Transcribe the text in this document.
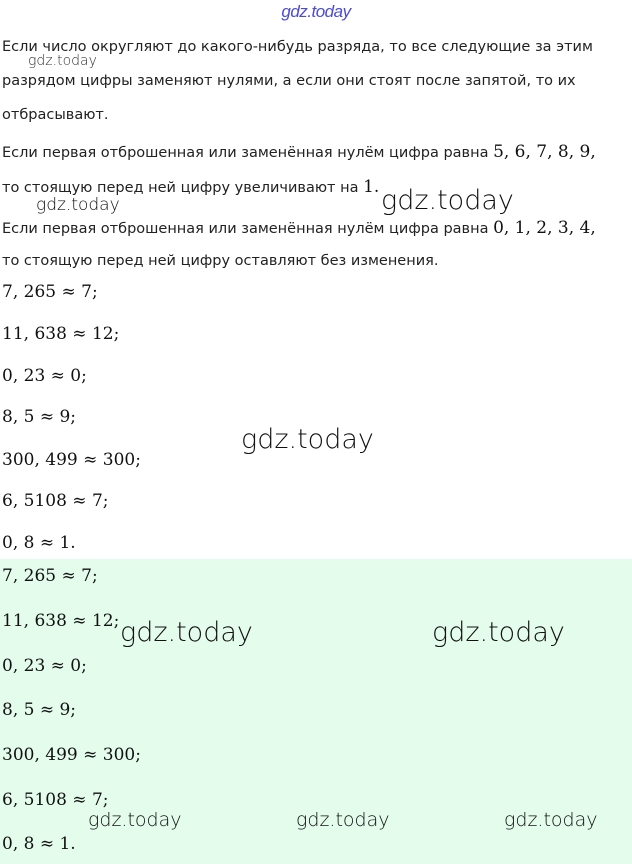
gdz.today
Если число округляют до какого-нибудь разряда, то все следующие за этим
разрядом цифры заменяют нулями, а если они стоят после запятой, то их
отбрасывают.
Если первая отброшенная или заменённая нулём цифра равна 5, 6, 7, 8, 9,
то стоящую перед ней цифру увеличивают на 1.
Если первая отброшенная или заменённая нулём цифра равна 0, 1, 2, 3, 4,
то стоящую перед ней цифру оставляют без изменения.
7, 265 ≈ 7;
11, 638 ≈ 12;
0, 23 ≈ 0;
8, 5 ≈ 9;
300, 499 ≈ 300;
6, 5108 ≈ 7;
0, 8 ≈ 1.
7, 265 ≈ 7;
11, 638 ≈ 12;
0, 23 ≈ 0;
8, 5 ≈ 9;
300, 499 ≈ 300;
6, 5108 ≈ 7;
0, 8 ≈ 1.
gdz.today
gdz.today	gdz.today
gdz.today
gdz.today	gdz.today
gdz.today	gdz.today	gdz.today
